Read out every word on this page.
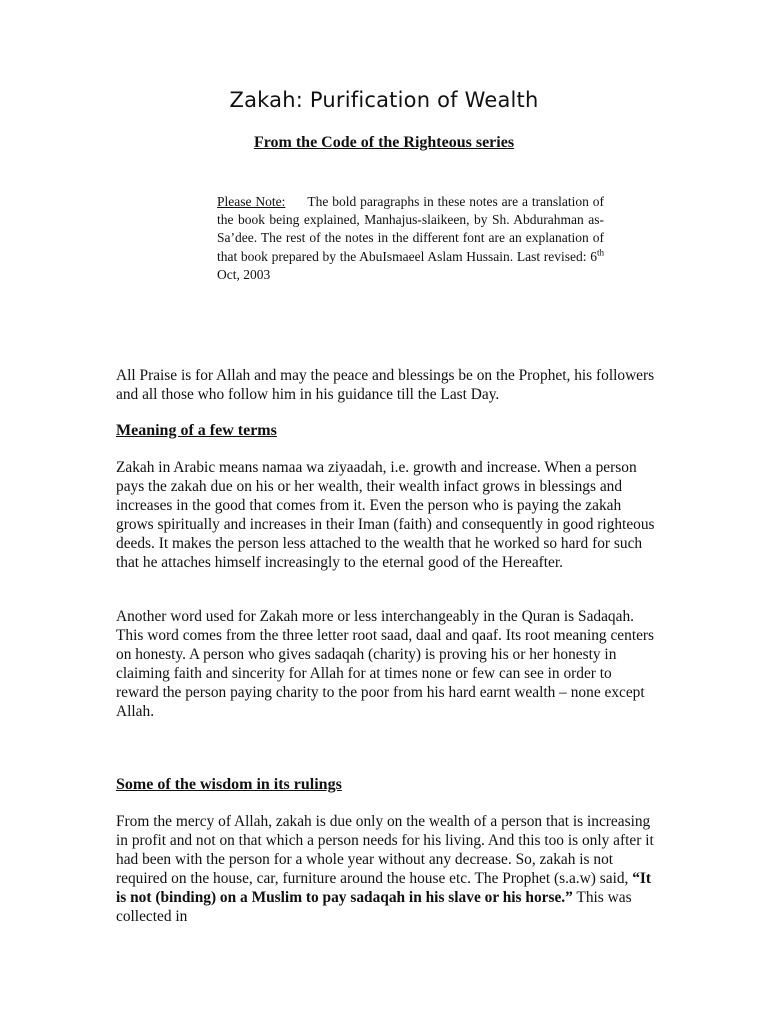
Zakah: Purification of Wealth
From the Code of the Righteous series

Please Note: The bold paragraphs in these notes are a translation of the book being explained, Manhajus-slaikeen, by Sh. Abdurahman as-Sa’dee. The rest of the notes in the different font are an explanation of that book prepared by the AbuIsmaeel Aslam Hussain. Last revised: 6th Oct, 2003

All Praise is for Allah and may the peace and blessings be on the Prophet, his followers and all those who follow him in his guidance till the Last Day.

Meaning of a few terms

Zakah in Arabic means namaa wa ziyaadah, i.e. growth and increase. When a person pays the zakah due on his or her wealth, their wealth infact grows in blessings and increases in the good that comes from it. Even the person who is paying the zakah grows spiritually and increases in their Iman (faith) and consequently in good righteous deeds. It makes the person less attached to the wealth that he worked so hard for such that he attaches himself increasingly to the eternal good of the Hereafter.

Another word used for Zakah more or less interchangeably in the Quran is Sadaqah. This word comes from the three letter root saad, daal and qaaf. Its root meaning centers on honesty. A person who gives sadaqah (charity) is proving his or her honesty in claiming faith and sincerity for Allah for at times none or few can see in order to reward the person paying charity to the poor from his hard earnt wealth – none except Allah.

Some of the wisdom in its rulings

From the mercy of Allah, zakah is due only on the wealth of a person that is increasing in profit and not on that which a person needs for his living. And this too is only after it had been with the person for a whole year without any decrease. So, zakah is not required on the house, car, furniture around the house etc. The Prophet (s.a.w) said, “It is not (binding) on a Muslim to pay sadaqah in his slave or his horse.” This was collected in
